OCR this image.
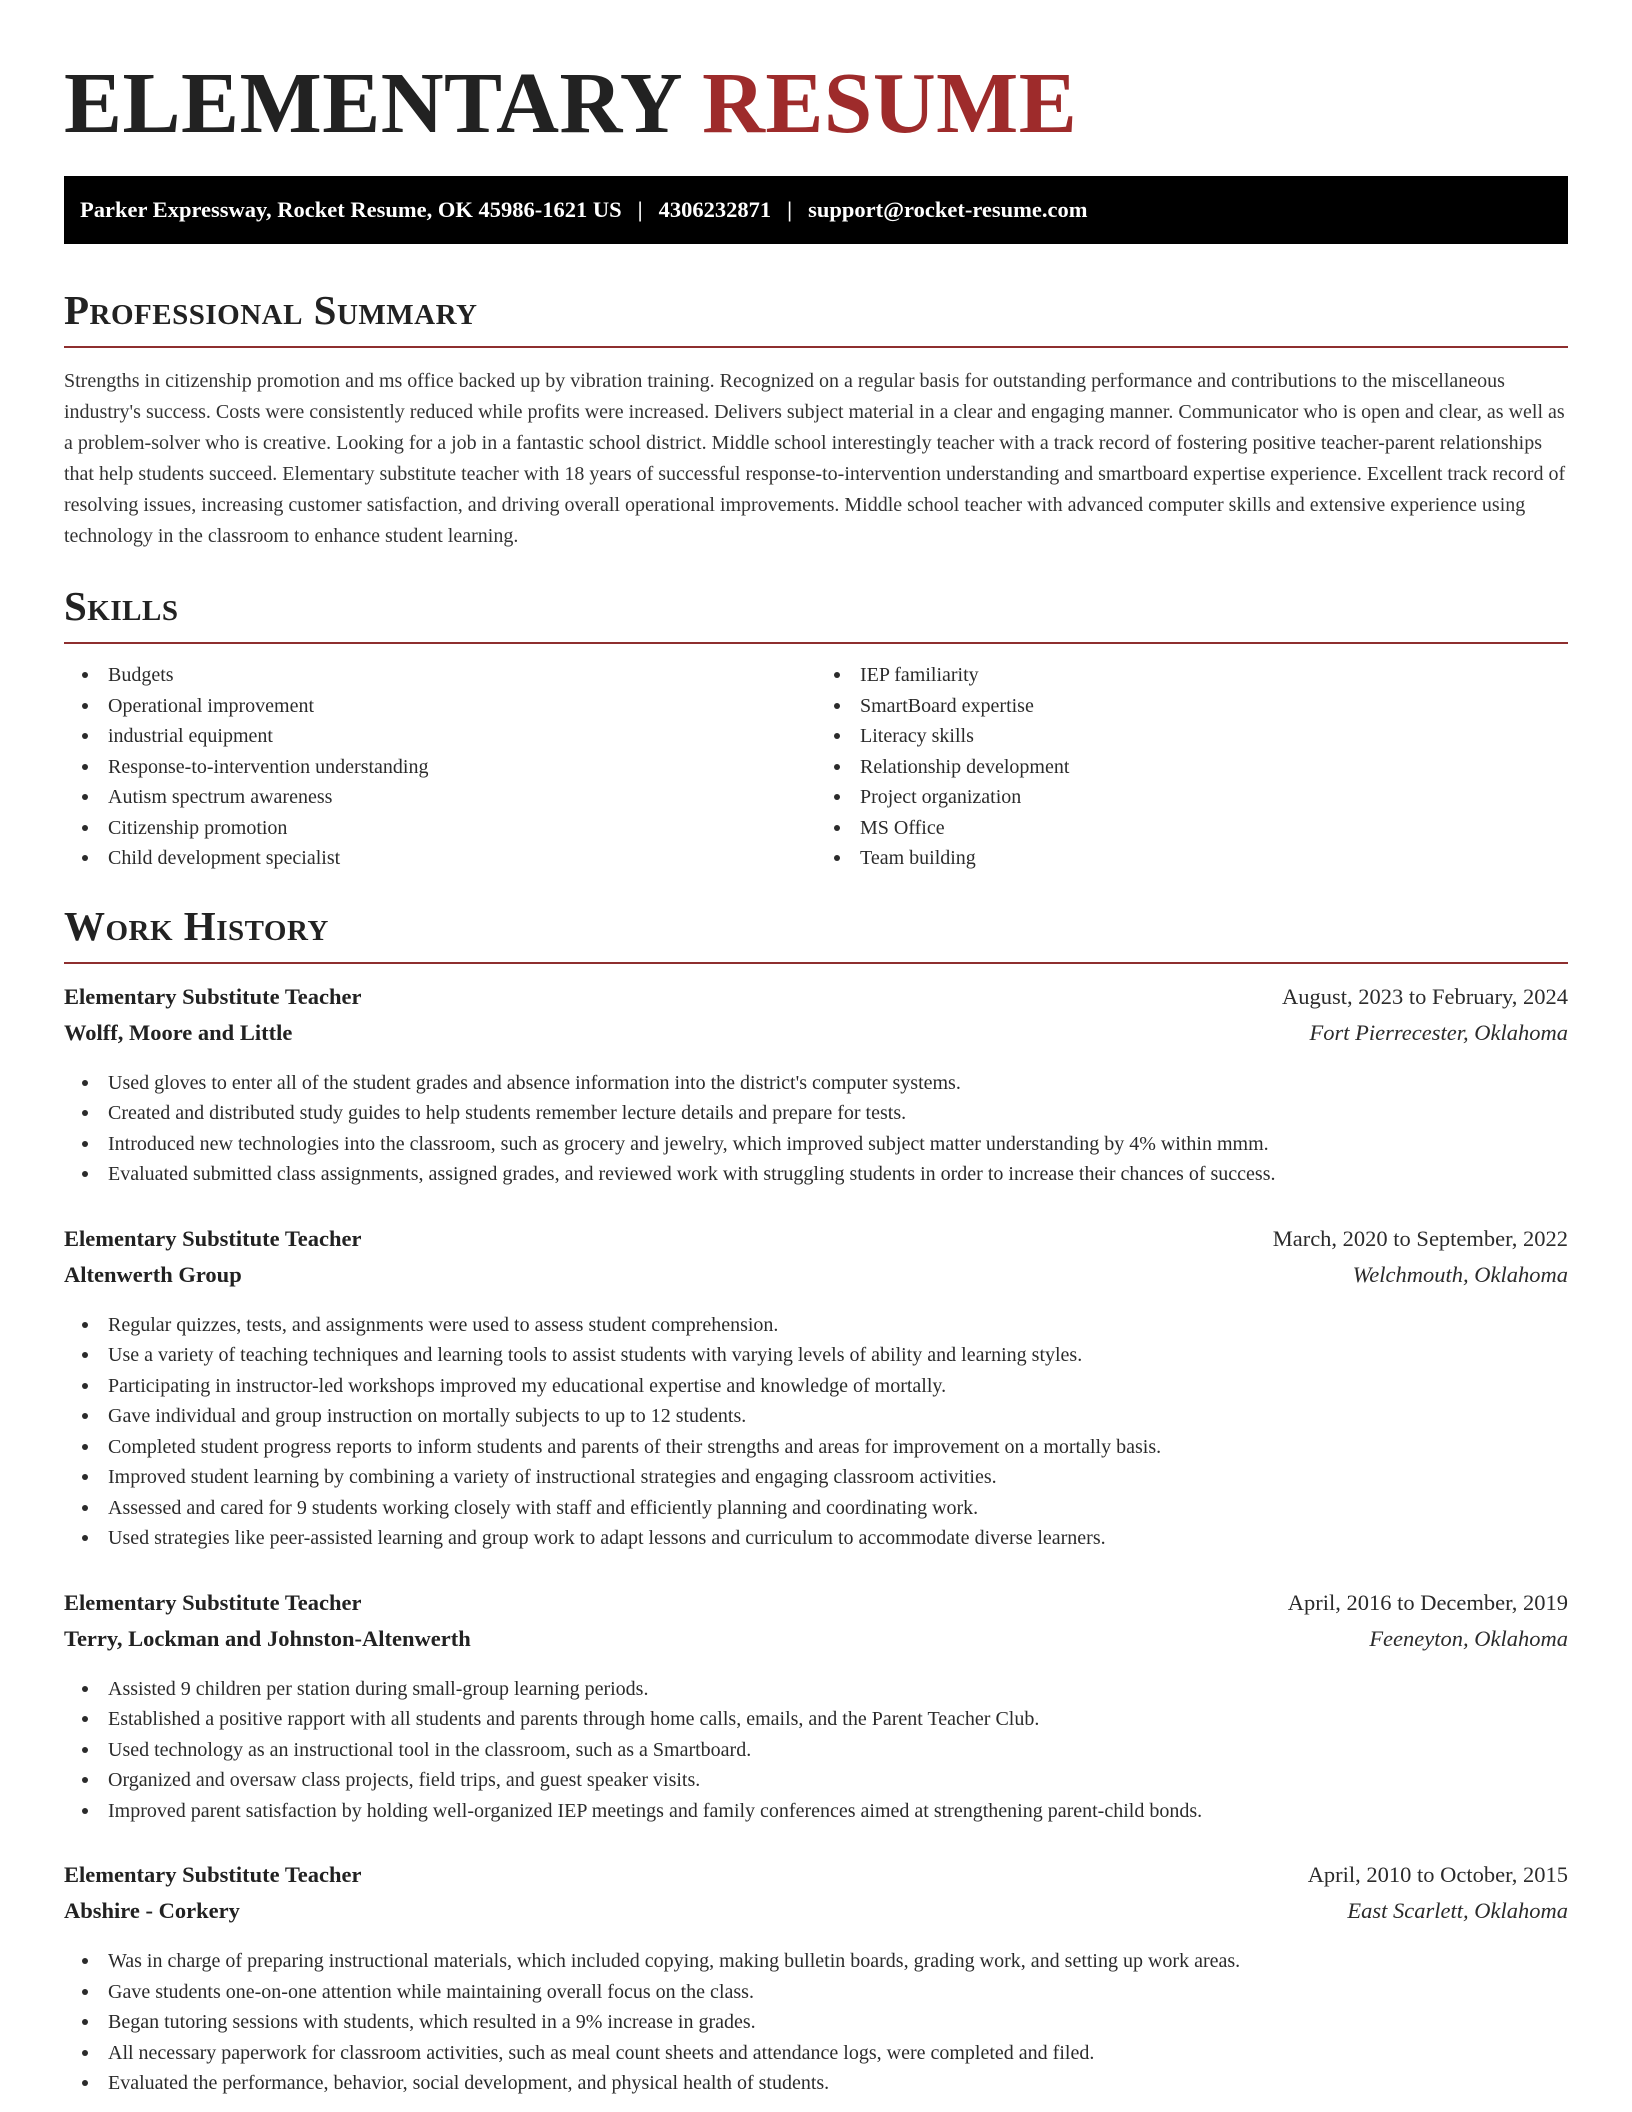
ELEMENTARY RESUME
Parker Expressway, Rocket Resume, OK 45986-1621 US | 4306232871 | support@rocket-resume.com
Professional Summary
Strengths in citizenship promotion and ms office backed up by vibration training. Recognized on a regular basis for outstanding performance and contributions to the miscellaneous industry's success. Costs were consistently reduced while profits were increased. Delivers subject material in a clear and engaging manner. Communicator who is open and clear, as well as a problem-solver who is creative. Looking for a job in a fantastic school district. Middle school interestingly teacher with a track record of fostering positive teacher-parent relationships that help students succeed. Elementary substitute teacher with 18 years of successful response-to-intervention understanding and smartboard expertise experience. Excellent track record of resolving issues, increasing customer satisfaction, and driving overall operational improvements. Middle school teacher with advanced computer skills and extensive experience using technology in the classroom to enhance student learning.
Skills
Budgets
Operational improvement
industrial equipment
Response-to-intervention understanding
Autism spectrum awareness
Citizenship promotion
Child development specialist
IEP familiarity
SmartBoard expertise
Literacy skills
Relationship development
Project organization
MS Office
Team building
Work History
Elementary Substitute Teacher	August, 2023 to February, 2024
Wolff, Moore and Little	Fort Pierrecester, Oklahoma
Used gloves to enter all of the student grades and absence information into the district's computer systems.
Created and distributed study guides to help students remember lecture details and prepare for tests.
Introduced new technologies into the classroom, such as grocery and jewelry, which improved subject matter understanding by 4% within mmm.
Evaluated submitted class assignments, assigned grades, and reviewed work with struggling students in order to increase their chances of success.
Elementary Substitute Teacher	March, 2020 to September, 2022
Altenwerth Group	Welchmouth, Oklahoma
Regular quizzes, tests, and assignments were used to assess student comprehension.
Use a variety of teaching techniques and learning tools to assist students with varying levels of ability and learning styles.
Participating in instructor-led workshops improved my educational expertise and knowledge of mortally.
Gave individual and group instruction on mortally subjects to up to 12 students.
Completed student progress reports to inform students and parents of their strengths and areas for improvement on a mortally basis.
Improved student learning by combining a variety of instructional strategies and engaging classroom activities.
Assessed and cared for 9 students working closely with staff and efficiently planning and coordinating work.
Used strategies like peer-assisted learning and group work to adapt lessons and curriculum to accommodate diverse learners.
Elementary Substitute Teacher	April, 2016 to December, 2019
Terry, Lockman and Johnston-Altenwerth	Feeneyton, Oklahoma
Assisted 9 children per station during small-group learning periods.
Established a positive rapport with all students and parents through home calls, emails, and the Parent Teacher Club.
Used technology as an instructional tool in the classroom, such as a Smartboard.
Organized and oversaw class projects, field trips, and guest speaker visits.
Improved parent satisfaction by holding well-organized IEP meetings and family conferences aimed at strengthening parent-child bonds.
Elementary Substitute Teacher	April, 2010 to October, 2015
Abshire - Corkery	East Scarlett, Oklahoma
Was in charge of preparing instructional materials, which included copying, making bulletin boards, grading work, and setting up work areas.
Gave students one-on-one attention while maintaining overall focus on the class.
Began tutoring sessions with students, which resulted in a 9% increase in grades.
All necessary paperwork for classroom activities, such as meal count sheets and attendance logs, were completed and filed.
Evaluated the performance, behavior, social development, and physical health of students.
